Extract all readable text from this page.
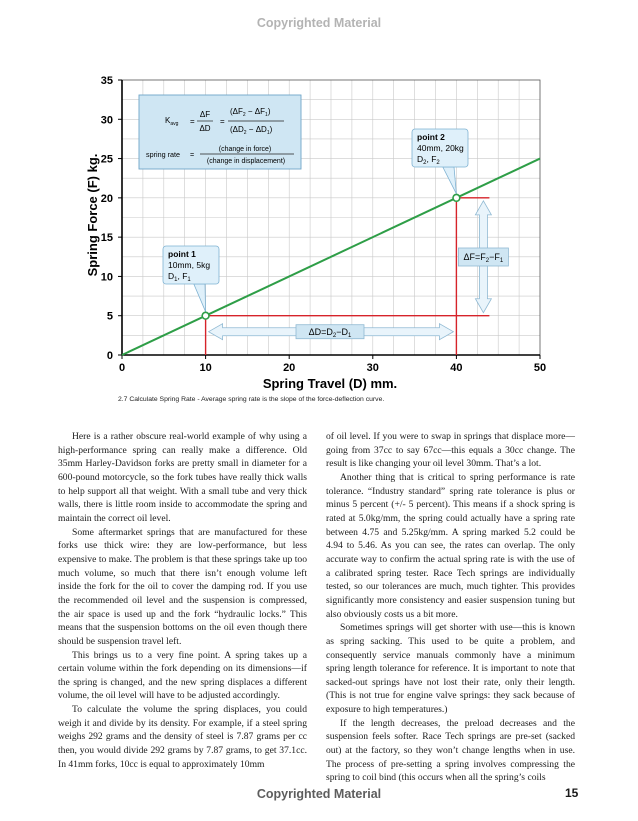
Copyrighted Material
0	10	20	30	40	50
0
5
10
15
20
25
30
35
$\Delta D=D_2-D_1$
$\Delta F=F_2-F_1$
point 1
10mm, 5kg
$D_1$, $F_1$
point 2
40mm, 20kg
$D_2$, $F_2$
$K_{avg}$ =
ΔF
ΔD
=
$(\Delta F_2 - \Delta F_1)$
$(\Delta D_2 - \Delta D_1)$
spring rate =
(change in force)
(change in displacement)
Spring Travel (D) mm.
Spring Force (F) kg.
2.7 Calculate Spring Rate - Average spring rate is the slope of the force-deflection curve.

Here is a rather obscure real-world example of why using a high-performance spring can really make a difference. Old 35mm Harley-Davidson forks are pretty small in diameter for a 600-pound motorcycle, so the fork tubes have really thick walls to help support all that weight. With a small tube and very thick walls, there is little room inside to accommodate the spring and maintain the correct oil level.

Some aftermarket springs that are manufactured for these forks use thick wire: they are low-performance, but less expensive to make. The problem is that these springs take up too much volume, so much that there isn’t enough volume left inside the fork for the oil to cover the damping rod. If you use the recommended oil level and the suspension is compressed, the air space is used up and the fork “hydraulic locks.” This means that the suspension bottoms on the oil even though there should be suspension travel left.

This brings us to a very fine point. A spring takes up a certain volume within the fork depending on its dimensions—if the spring is changed, and the new spring displaces a different volume, the oil level will have to be adjusted accordingly.

To calculate the volume the spring displaces, you could weigh it and divide by its density. For example, if a steel spring weighs 292 grams and the density of steel is 7.87 grams per cc then, you would divide 292 grams by 7.87 grams, to get 37.1cc. In 41mm forks, 10cc is equal to approximately 10mm

of oil level. If you were to swap in springs that displace more—going from 37cc to say 67cc—this equals a 30cc change. The result is like changing your oil level 30mm. That’s a lot.

Another thing that is critical to spring performance is rate tolerance. “Industry standard” spring rate tolerance is plus or minus 5 percent (+/- 5 percent). This means if a shock spring is rated at 5.0kg/mm, the spring could actually have a spring rate between 4.75 and 5.25kg/mm. A spring marked 5.2 could be 4.94 to 5.46. As you can see, the rates can overlap. The only accurate way to confirm the actual spring rate is with the use of a calibrated spring tester. Race Tech springs are individually tested, so our tolerances are much, much tighter. This provides significantly more consistency and easier suspension tuning but also obviously costs us a bit more.

Sometimes springs will get shorter with use—this is known as spring sacking. This used to be quite a problem, and consequently service manuals commonly have a minimum spring length tolerance for reference. It is important to note that sacked-out springs have not lost their rate, only their length. (This is not true for engine valve springs: they sack because of exposure to high temperatures.)

If the length decreases, the preload decreases and the suspension feels softer. Race Tech springs are pre-set (sacked out) at the factory, so they won’t change lengths when in use. The process of pre-setting a spring involves compressing the spring to coil bind (this occurs when all the spring’s coils

Copyrighted Material	15
